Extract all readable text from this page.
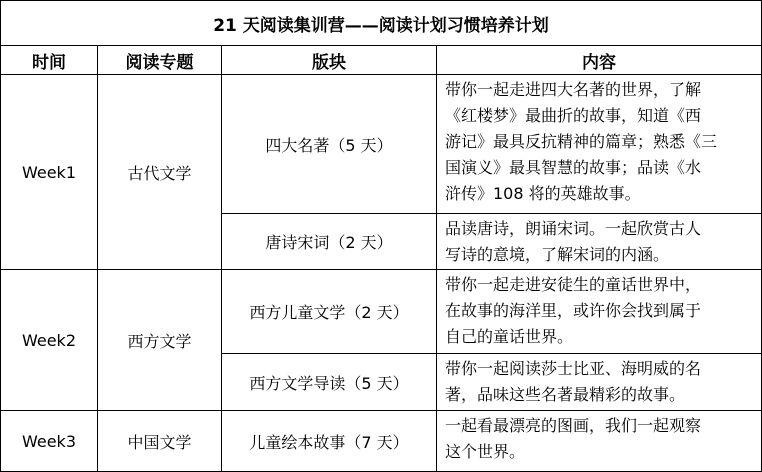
21 天阅读集训营——阅读计划习惯培养计划			
时间	阅读专题	版块	内容
Week1	古代文学	四大名著（5 天）	带你一起走进四大名著的世界，了解
《红楼梦》最曲折的故事，知道《西
游记》最具反抗精神的篇章；熟悉《三
国演义》最具智慧的故事；品读《水
浒传》108 将的英雄故事。

		唐诗宋词（2 天）	品读唐诗，朗诵宋词。一起欣赏古人
写诗的意境，了解宋词的内涵。

Week2	西方文学	西方儿童文学（2 天）	带你一起走进安徒生的童话世界中，
在故事的海洋里，或许你会找到属于
自己的童话世界。

		西方文学导读（5 天）	带你一起阅读莎士比亚、海明威的名
著，品味这些名著最精彩的故事。

Week3	中国文学	儿童绘本故事（7 天）	一起看最漂亮的图画，我们一起观察
这个世界。
